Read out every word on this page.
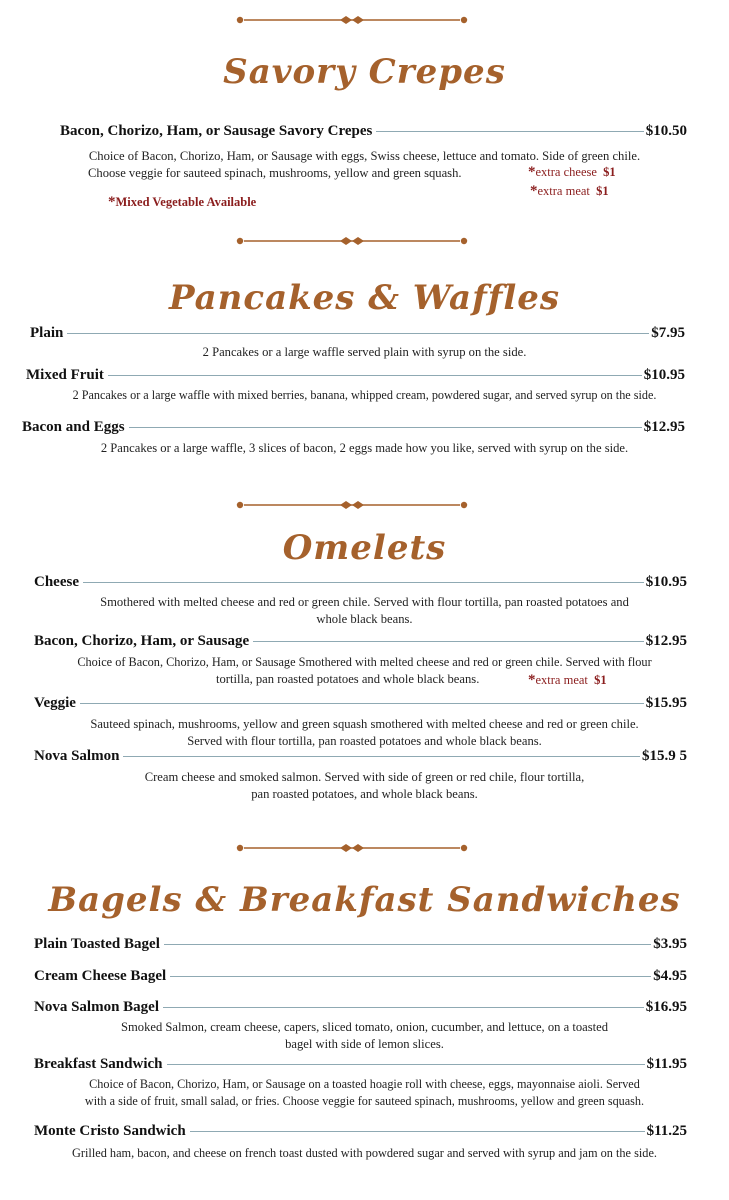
Savory Crepes
Bacon, Chorizo, Ham, or Sausage Savory Crepes	$10.50
Choice of Bacon, Chorizo, Ham, or Sausage with eggs, Swiss cheese, lettuce and tomato. Side of green chile.
Choose veggie for sauteed spinach, mushrooms, yellow and green squash.	*extra cheese $1
*extra meat $1
*Mixed Vegetable Available
Pancakes & Waffles
Plain	$7.95
2 Pancakes or a large waffle served plain with syrup on the side.
Mixed Fruit	$10.95
2 Pancakes or a large waffle with mixed berries, banana, whipped cream, powdered sugar, and served syrup on the side.
Bacon and Eggs	$12.95
2 Pancakes or a large waffle, 3 slices of bacon, 2 eggs made how you like, served with syrup on the side.
Omelets
Cheese	$10.95
Smothered with melted cheese and red or green chile. Served with flour tortilla, pan roasted potatoes and
whole black beans.
Bacon, Chorizo, Ham, or Sausage	$12.95
Choice of Bacon, Chorizo, Ham, or Sausage Smothered with melted cheese and red or green chile. Served with flour
tortilla, pan roasted potatoes and whole black beans.	*extra meat $1
Veggie	$15.95
Sauteed spinach, mushrooms, yellow and green squash smothered with melted cheese and red or green chile.
Served with flour tortilla, pan roasted potatoes and whole black beans.
Nova Salmon	$15.9 5
Cream cheese and smoked salmon. Served with side of green or red chile, flour tortilla,
pan roasted potatoes, and whole black beans.
Bagels & Breakfast Sandwiches
Plain Toasted Bagel	$3.95
Cream Cheese Bagel	$4.95
Nova Salmon Bagel	$16.95
Smoked Salmon, cream cheese, capers, sliced tomato, onion, cucumber, and lettuce, on a toasted
bagel with side of lemon slices.
Breakfast Sandwich	$11.95
Choice of Bacon, Chorizo, Ham, or Sausage on a toasted hoagie roll with cheese, eggs, mayonnaise aioli. Served
with a side of fruit, small salad, or fries. Choose veggie for sauteed spinach, mushrooms, yellow and green squash.
Monte Cristo Sandwich	$11.25
Grilled ham, bacon, and cheese on french toast dusted with powdered sugar and served with syrup and jam on the side.
